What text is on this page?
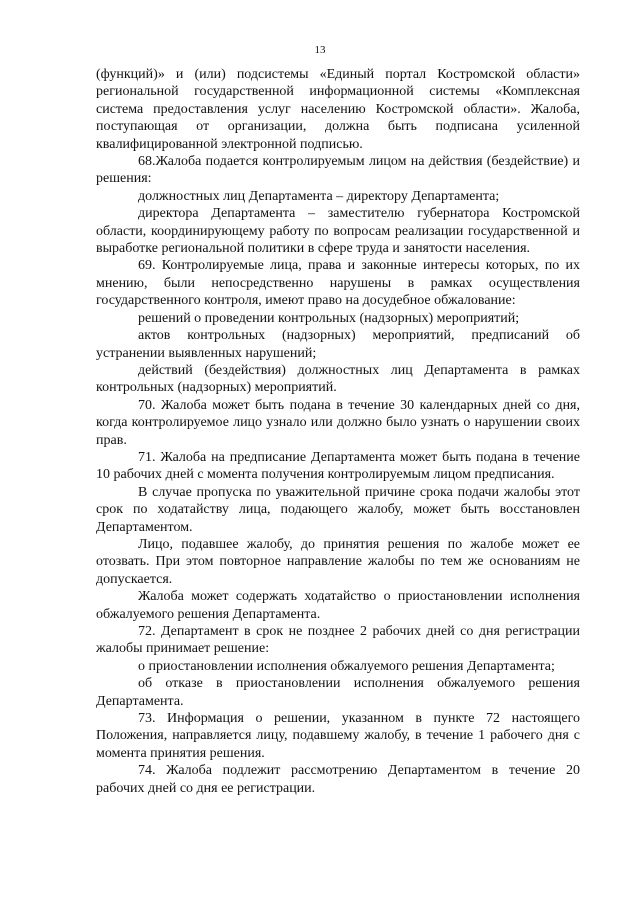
13

(функций)» и (или) подсистемы «Единый портал Костромской области» региональной государственной информационной системы «Комплексная система предоставления услуг населению Костромской области». Жалоба, поступающая от организации, должна быть подписана усиленной квалифицированной электронной подписью.

68.Жалоба подается контролируемым лицом на действия (бездействие) и решения:

должностных лиц Департамента – директору Департамента;

директора Департамента – заместителю губернатора Костромской области, координирующему работу по вопросам реализации государственной и выработке региональной политики в сфере труда и занятости населения.

69. Контролируемые лица, права и законные интересы которых, по их мнению, были непосредственно нарушены в рамках осуществления государственного контроля, имеют право на досудебное обжалование:

решений о проведении контрольных (надзорных) мероприятий;

актов контрольных (надзорных) мероприятий, предписаний об устранении выявленных нарушений;

действий (бездействия) должностных лиц Департамента в рамках контрольных (надзорных) мероприятий.

70. Жалоба может быть подана в течение 30 календарных дней со дня, когда контролируемое лицо узнало или должно было узнать о нарушении своих прав.

71. Жалоба на предписание Департамента может быть подана в течение 10 рабочих дней с момента получения контролируемым лицом предписания.

В случае пропуска по уважительной причине срока подачи жалобы этот срок по ходатайству лица, подающего жалобу, может быть восстановлен Департаментом.

Лицо, подавшее жалобу, до принятия решения по жалобе может ее отозвать. При этом повторное направление жалобы по тем же основаниям не допускается.

Жалоба может содержать ходатайство о приостановлении исполнения обжалуемого решения Департамента.

72. Департамент в срок не позднее 2 рабочих дней со дня регистрации жалобы принимает решение:

о приостановлении исполнения обжалуемого решения Департамента;

об отказе в приостановлении исполнения обжалуемого решения Департамента.

73. Информация о решении, указанном в пункте 72 настоящего Положения, направляется лицу, подавшему жалобу, в течение 1 рабочего дня с момента принятия решения.

74. Жалоба подлежит рассмотрению Департаментом в течение 20 рабочих дней со дня ее регистрации.
